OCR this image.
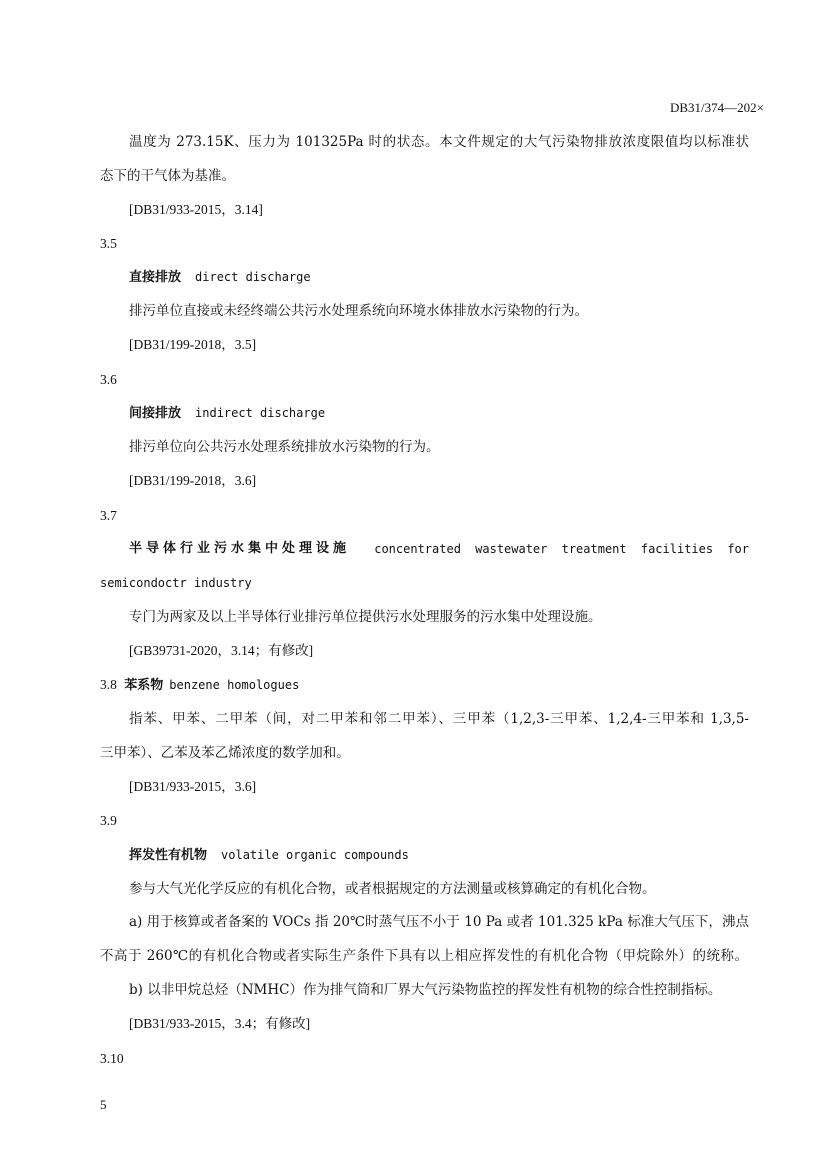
DB31/374—202×
温度为 273.15K、压力为 101325Pa 时的状态。本文件规定的大气污染物排放浓度限值均以标准状
态下的干气体为基准。
[DB31/933-2015，3.14]
3.5
直接排放 direct discharge
排污单位直接或未经终端公共污水处理系统向环境水体排放水污染物的行为。
[DB31/199-2018，3.5]
3.6
间接排放 indirect discharge
排污单位向公共污水处理系统排放水污染物的行为。
[DB31/199-2018，3.6]
3.7
半导体行业污水集中处理设施 concentrated wastewater treatment facilities for
semicondoctr industry
专门为两家及以上半导体行业排污单位提供污水处理服务的污水集中处理设施。
[GB39731-2020，3.14；有修改]
3.8 苯系物 benzene homologues
指苯、甲苯、二甲苯（间，对二甲苯和邻二甲苯）、三甲苯（1,2,3-三甲苯、1,2,4-三甲苯和 1,3,5-
三甲苯）、乙苯及苯乙烯浓度的数学加和。
[DB31/933-2015，3.6]
3.9
挥发性有机物 volatile organic compounds
参与大气光化学反应的有机化合物，或者根据规定的方法测量或核算确定的有机化合物。
a) 用于核算或者备案的 VOCs 指 20℃时蒸气压不小于 10 Pa 或者 101.325 kPa 标准大气压下，沸点
不高于 260℃的有机化合物或者实际生产条件下具有以上相应挥发性的有机化合物（甲烷除外）的统称。
b) 以非甲烷总烃（NMHC）作为排气筒和厂界大气污染物监控的挥发性有机物的综合性控制指标。
[DB31/933-2015，3.4；有修改]
3.10
5
